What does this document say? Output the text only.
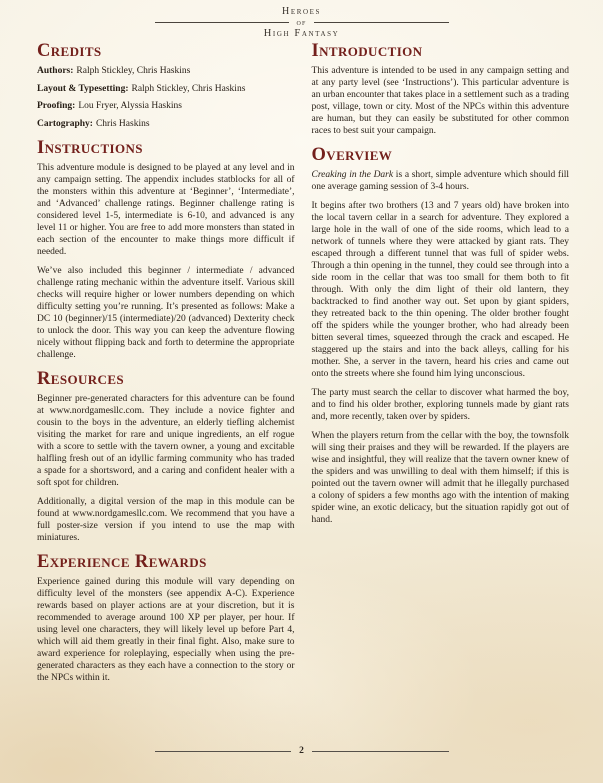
Heroes
of
High Fantasy
Credits
Authors: Ralph Stickley, Chris Haskins
Layout & Typesetting: Ralph Stickley, Chris Haskins
Proofing: Lou Fryer, Alyssia Haskins
Cartography: Chris Haskins
Instructions

This adventure module is designed to be played at any level and in any campaign setting. The appendix includes statblocks for all of the monsters within this adventure at ‘Beginner’, ‘Intermediate’, and ‘Advanced’ challenge ratings. Beginner challenge rating is considered level 1-5, intermediate is 6-10, and advanced is any level 11 or higher. You are free to add more monsters than stated in each section of the encounter to make things more difficult if needed.

We’ve also included this beginner / intermediate / advanced challenge rating mechanic within the adventure itself. Various skill checks will require higher or lower numbers depending on which difficulty setting you’re running. It’s presented as follows: Make a DC 10 (beginner)/15 (intermediate)/20 (advanced) Dexterity check to unlock the door. This way you can keep the adventure flowing nicely without flipping back and forth to determine the appropriate challenge.

Resources

Beginner pre-generated characters for this adventure can be found at www.nordgamesllc.com. They include a novice fighter and cousin to the boys in the adventure, an elderly tiefling alchemist visiting the market for rare and unique ingredients, an elf rogue with a score to settle with the tavern owner, a young and excitable halfling fresh out of an idyllic farming community who has traded a spade for a shortsword, and a caring and confident healer with a soft spot for children.

Additionally, a digital version of the map in this module can be found at www.nordgamesllc.com. We recommend that you have a full poster-size version if you intend to use the map with miniatures.

Experience Rewards

Experience gained during this module will vary depending on difficulty level of the monsters (see appendix A-C). Experience rewards based on player actions are at your discretion, but it is recommended to average around 100 XP per player, per hour. If using level one characters, they will likely level up before Part 4, which will aid them greatly in their final fight. Also, make sure to award experience for roleplaying, especially when using the pre-generated characters as they each have a connection to the story or the NPCs within it.

Introduction

This adventure is intended to be used in any campaign setting and at any party level (see ‘Instructions’). This particular adventure is an urban encounter that takes place in a settlement such as a trading post, village, town or city. Most of the NPCs within this adventure are human, but they can easily be substituted for other common races to best suit your campaign.

Overview

Creaking in the Dark is a short, simple adventure which should fill one average gaming session of 3-4 hours.

It begins after two brothers (13 and 7 years old) have broken into the local tavern cellar in a search for adventure. They explored a large hole in the wall of one of the side rooms, which lead to a network of tunnels where they were attacked by giant rats. They escaped through a different tunnel that was full of spider webs. Through a thin opening in the tunnel, they could see through into a side room in the cellar that was too small for them both to fit through. With only the dim light of their old lantern, they backtracked to find another way out. Set upon by giant spiders, they retreated back to the thin opening. The older brother fought off the spiders while the younger brother, who had already been bitten several times, squeezed through the crack and escaped. He staggered up the stairs and into the back alleys, calling for his mother. She, a server in the tavern, heard his cries and came out onto the streets where she found him lying unconscious.

The party must search the cellar to discover what harmed the boy, and to find his older brother, exploring tunnels made by giant rats and, more recently, taken over by spiders.

When the players return from the cellar with the boy, the townsfolk will sing their praises and they will be rewarded. If the players are wise and insightful, they will realize that the tavern owner knew of the spiders and was unwilling to deal with them himself; if this is pointed out the tavern owner will admit that he illegally purchased a colony of spiders a few months ago with the intention of making spider wine, an exotic delicacy, but the situation rapidly got out of hand.

2
